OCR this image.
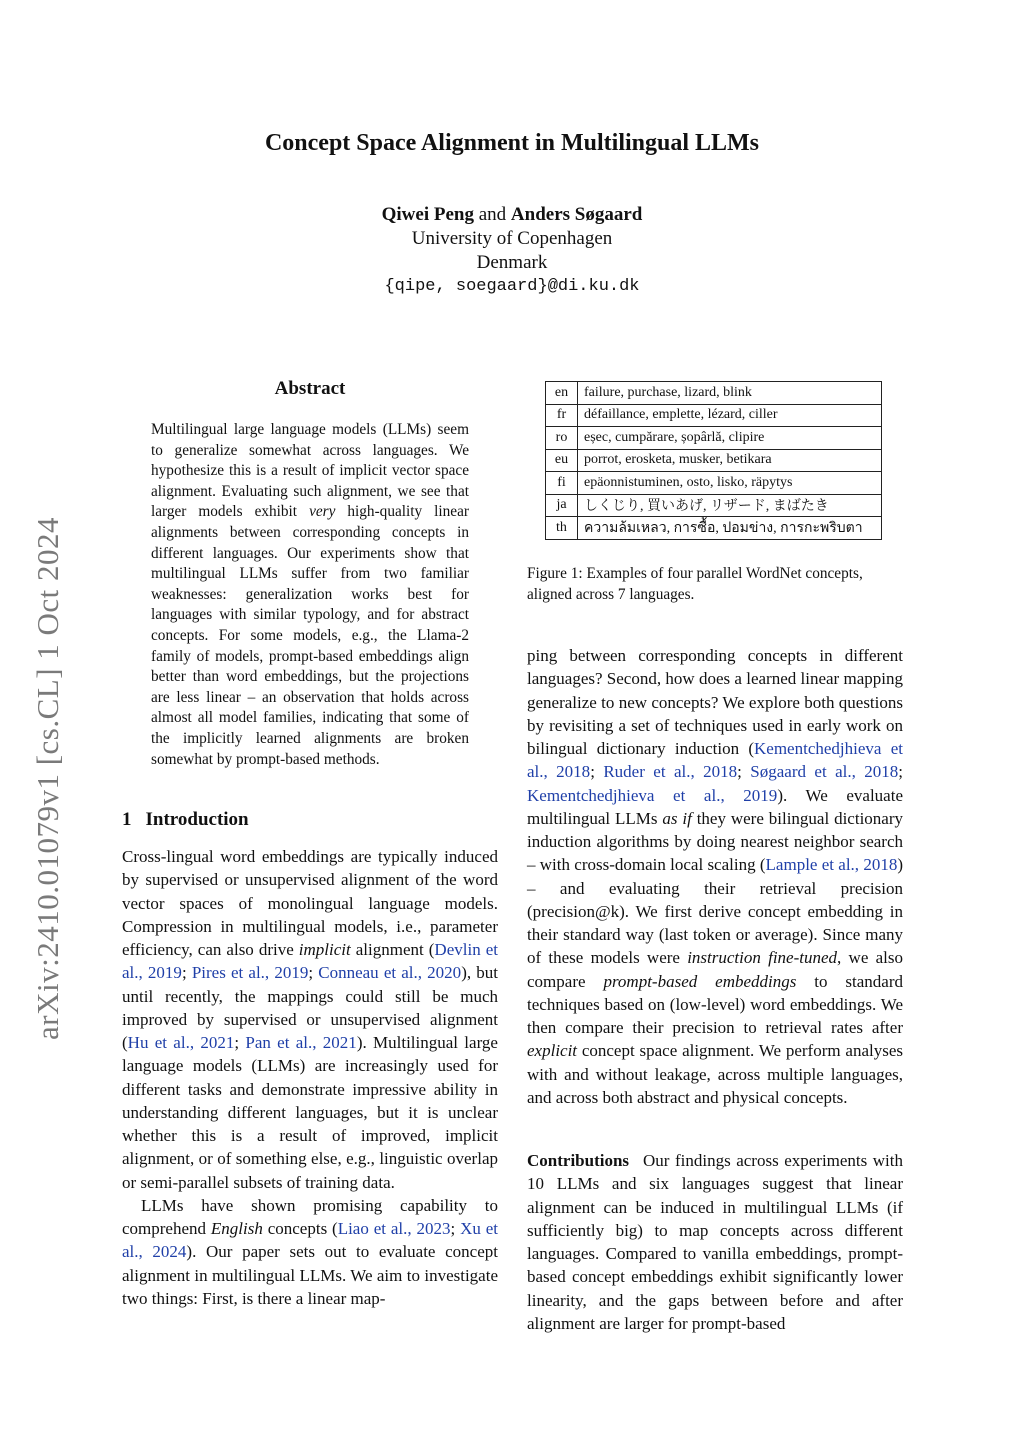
Concept Space Alignment in Multilingual LLMs
Qiwei Peng and Anders Søgaard
University of Copenhagen
Denmark
{qipe, soegaard}@di.ku.dk
arXiv:2410.01079v1 [cs.CL] 1 Oct 2024
Abstract
Multilingual large language models (LLMs) seem to generalize somewhat across languages. We hypothesize this is a result of implicit vector space alignment. Evaluating such alignment, we see that larger models exhibit very high-quality linear alignments between corresponding concepts in different languages. Our experiments show that multilingual LLMs suffer from two familiar weaknesses: generalization works best for languages with similar typology, and for abstract concepts. For some models, e.g., the Llama-2 family of models, prompt-based embeddings align better than word embeddings, but the projections are less linear – an observation that holds across almost all model families, indicating that some of the implicitly learned alignments are broken somewhat by prompt-based methods.
1 Introduction

Cross-lingual word embeddings are typically induced by supervised or unsupervised alignment of the word vector spaces of monolingual language models. Compression in multilingual models, i.e., parameter efficiency, can also drive implicit alignment (Devlin et al., 2019; Pires et al., 2019; Conneau et al., 2020), but until recently, the mappings could still be much improved by supervised or unsupervised alignment (Hu et al., 2021; Pan et al., 2021). Multilingual large language models (LLMs) are increasingly used for different tasks and demonstrate impressive ability in understanding different languages, but it is unclear whether this is a result of improved, implicit alignment, or of something else, e.g., linguistic overlap or semi-parallel subsets of training data.

LLMs have shown promising capability to comprehend English concepts (Liao et al., 2023; Xu et al., 2024). Our paper sets out to evaluate concept alignment in multilingual LLMs. We aim to investigate two things: First, is there a linear map-

en	failure, purchase, lizard, blink
fr	défaillance, emplette, lézard, ciller
ro	eșec, cumpărare, șopârlă, clipire
eu	porrot, erosketa, musker, betikara
fi	epäonnistuminen, osto, lisko, räpytys
ja	しくじり, 買いあげ, リザード, まばたき
th	ความล้มเหลว, การซื้อ, ปอมข่าง, การกะพริบตา
Figure 1: Examples of four parallel WordNet concepts, aligned across 7 languages.

ping between corresponding concepts in different languages? Second, how does a learned linear mapping generalize to new concepts? We explore both questions by revisiting a set of techniques used in early work on bilingual dictionary induction (Kementchedjhieva et al., 2018; Ruder et al., 2018; Søgaard et al., 2018; Kementchedjhieva et al., 2019). We evaluate multilingual LLMs as if they were bilingual dictionary induction algorithms by doing nearest neighbor search – with cross-domain local scaling (Lample et al., 2018) – and evaluating their retrieval precision (precision@k). We first derive concept embedding in their standard way (last token or average). Since many of these models were instruction fine-tuned, we also compare prompt-based embeddings to standard techniques based on (low-level) word embeddings. We then compare their precision to retrieval rates after explicit concept space alignment. We perform analyses with and without leakage, across multiple languages, and across both abstract and physical concepts.

Contributions Our findings across experiments with 10 LLMs and six languages suggest that linear alignment can be induced in multilingual LLMs (if sufficiently big) to map concepts across different languages. Compared to vanilla embeddings, prompt-based concept embeddings exhibit significantly lower linearity, and the gaps between before and after alignment are larger for prompt-based
